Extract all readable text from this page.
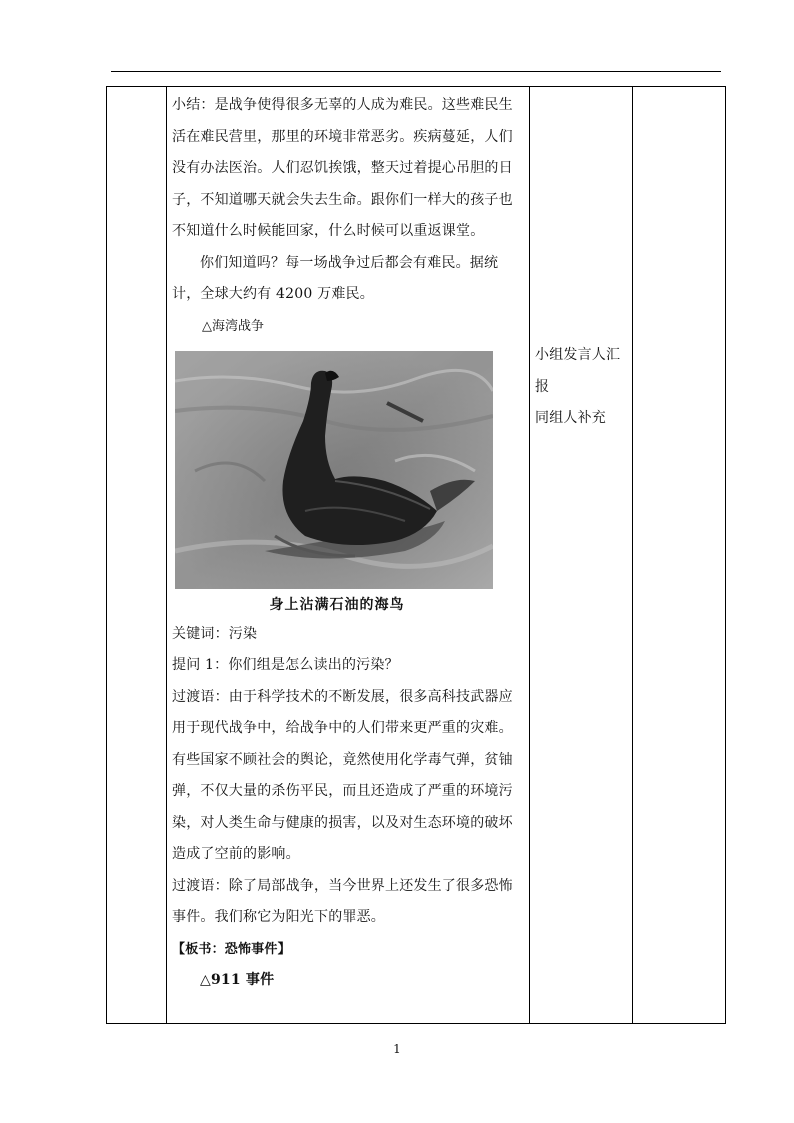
小结：是战争使得很多无辜的人成为难民。这些难民生
活在难民营里，那里的环境非常恶劣。疾病蔓延，人们
没有办法医治。人们忍饥挨饿，整天过着提心吊胆的日
子，不知道哪天就会失去生命。跟你们一样大的孩子也
不知道什么时候能回家，什么时候可以重返课堂。
你们知道吗？每一场战争过后都会有难民。据统
计，全球大约有 4200 万难民。
△海湾战争
身上沾满石油的海鸟
关键词：污染
提问 1：你们组是怎么读出的污染？
过渡语：由于科学技术的不断发展，很多高科技武器应
用于现代战争中，给战争中的人们带来更严重的灾难。
有些国家不顾社会的舆论，竟然使用化学毒气弹，贫铀
弹，不仅大量的杀伤平民，而且还造成了严重的环境污
染，对人类生命与健康的损害，以及对生态环境的破坏
造成了空前的影响。
过渡语：除了局部战争，当今世界上还发生了很多恐怖
事件。我们称它为阳光下的罪恶。
【板书：恐怖事件】
△911 事件
小组发言人汇
报
同组人补充
1
